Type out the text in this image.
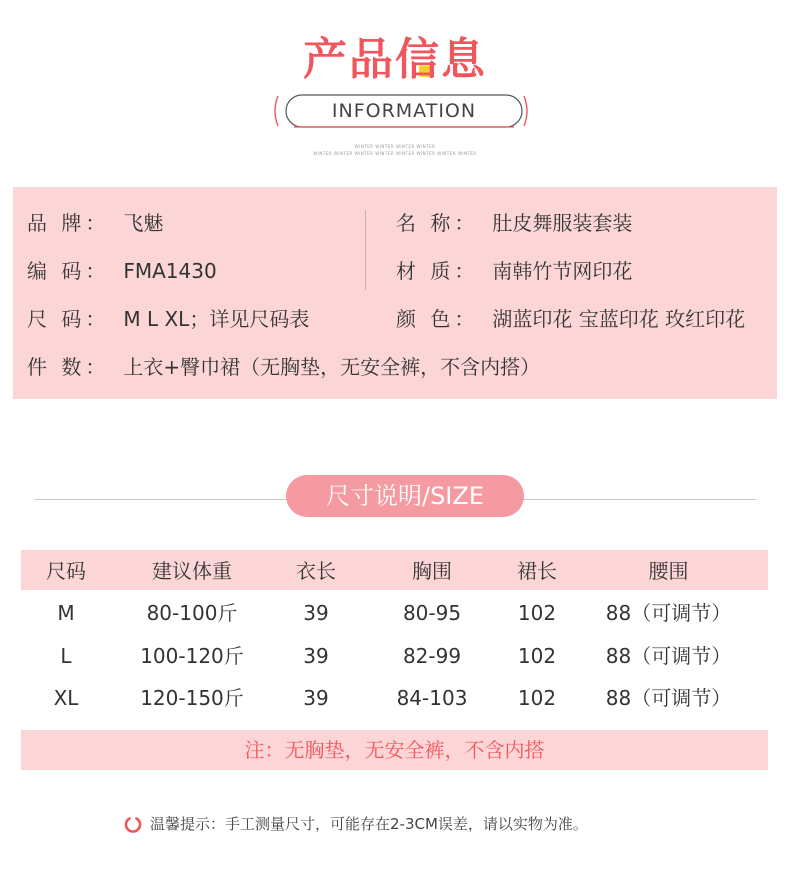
产品信息
INFORMATION
WINTER WINTER WINTER WINTER
WINTER WINTER WINTER WINTER WINTER WINTER WINTER WINTER
品 牌： 飞魅	名 称： 肚皮舞服装套装
编 码： FMA1430	材 质： 南韩竹节网印花
尺 码： M L XL；详见尺码表	颜 色： 湖蓝印花 宝蓝印花 玫红印花
件 数： 上衣+臀巾裙（无胸垫，无安全裤，不含内搭）
尺寸说明/SIZE
尺码	建议体重	衣长	胸围	裙长	腰围
M	80-100斤	39	80-95	102	88（可调节）
L	100-120斤	39	82-99	102	88（可调节）
XL	120-150斤	39	84-103	102	88（可调节）
注：无胸垫，无安全裤，不含内搭
温馨提示：手工测量尺寸，可能存在2-3CM误差，请以实物为准。
